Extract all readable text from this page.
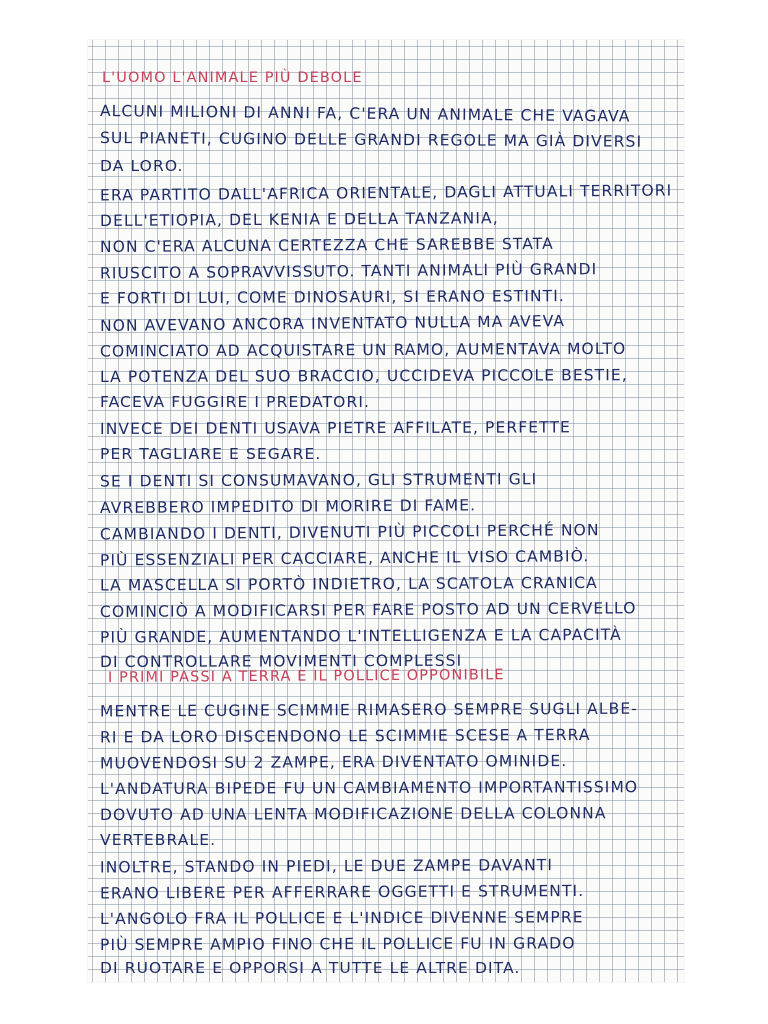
L'UOMO L'ANIMALE PIÙ DEBOLE
ALCUNI MILIONI DI ANNI FA, C'ERA UN ANIMALE CHE VAGAVA
SUL PIANETI, CUGINO DELLE GRANDI REGOLE MA GIÀ DIVERSI
DA LORO.
ERA PARTITO DALL'AFRICA ORIENTALE, DAGLI ATTUALI TERRITORI
DELL'ETIOPIA, DEL KENIA E DELLA TANZANIA,
NON C'ERA ALCUNA CERTEZZA CHE SAREBBE STATA
RIUSCITO A SOPRAVVISSUTO. TANTI ANIMALI PIÙ GRANDI
E FORTI DI LUI, COME DINOSAURI, SI ERANO ESTINTI.
NON AVEVANO ANCORA INVENTATO NULLA MA AVEVA
COMINCIATO AD ACQUISTARE UN RAMO, AUMENTAVA MOLTO
LA POTENZA DEL SUO BRACCIO, UCCIDEVA PICCOLE BESTIE,
FACEVA FUGGIRE I PREDATORI.
INVECE DEI DENTI USAVA PIETRE AFFILATE, PERFETTE
PER TAGLIARE E SEGARE.
SE I DENTI SI CONSUMAVANO, GLI STRUMENTI GLI
AVREBBERO IMPEDITO DI MORIRE DI FAME.
CAMBIANDO I DENTI, DIVENUTI PIÙ PICCOLI PERCHÉ NON
PIÙ ESSENZIALI PER CACCIARE, ANCHE IL VISO CAMBIÒ.
LA MASCELLA SI PORTÒ INDIETRO, LA SCATOLA CRANICA
COMINCIÒ A MODIFICARSI PER FARE POSTO AD UN CERVELLO
PIÙ GRANDE, AUMENTANDO L'INTELLIGENZA E LA CAPACITÀ
DI CONTROLLARE MOVIMENTI COMPLESSI
I PRIMI PASSI A TERRA E IL POLLICE OPPONIBILE
MENTRE LE CUGINE SCIMMIE RIMASERO SEMPRE SUGLI ALBE-
RI E DA LORO DISCENDONO LE SCIMMIE SCESE A TERRA
MUOVENDOSI SU 2 ZAMPE, ERA DIVENTATO OMINIDE.
L'ANDATURA BIPEDE FU UN CAMBIAMENTO IMPORTANTISSIMO
DOVUTO AD UNA LENTA MODIFICAZIONE DELLA COLONNA
VERTEBRALE.
INOLTRE, STANDO IN PIEDI, LE DUE ZAMPE DAVANTI
ERANO LIBERE PER AFFERRARE OGGETTI E STRUMENTI.
L'ANGOLO FRA IL POLLICE E L'INDICE DIVENNE SEMPRE
PIÙ SEMPRE AMPIO FINO CHE IL POLLICE FU IN GRADO
DI RUOTARE E OPPORSI A TUTTE LE ALTRE DITA.
